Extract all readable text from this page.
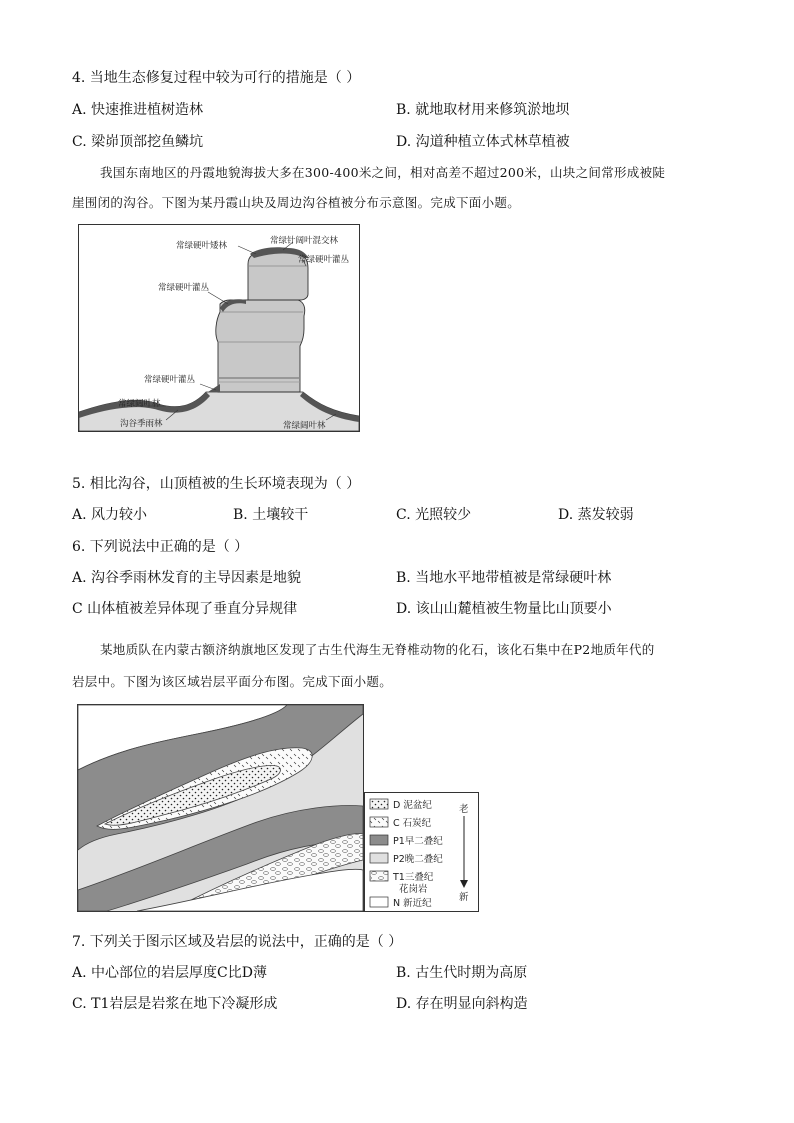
4. 当地生态修复过程中较为可行的措施是（ ）
A. 快速推进植树造林	B. 就地取材用来修筑淤地坝
C. 梁峁顶部挖鱼鳞坑	D. 沟道种植立体式林草植被
我国东南地区的丹霞地貌海拔大多在300-400米之间，相对高差不超过200米，山块之间常形成被陡
崖围闭的沟谷。下图为某丹霞山块及周边沟谷植被分布示意图。完成下面小题。
常绿硬叶矮林	常绿针阔叶混交林
常绿硬叶灌丛
常绿硬叶灌丛
常绿硬叶灌丛
常绿阔叶林
沟谷季雨林	常绿阔叶林
5. 相比沟谷，山顶植被的生长环境表现为（ ）
A. 风力较小	B. 土壤较干	C. 光照较少	D. 蒸发较弱
6. 下列说法中正确的是（ ）
A. 沟谷季雨林发育的主导因素是地貌	B. 当地水平地带植被是常绿硬叶林
C 山体植被差异体现了垂直分异规律	D. 该山山麓植被生物量比山顶要小
某地质队在内蒙古额济纳旗地区发现了古生代海生无脊椎动物的化石，该化石集中在P2地质年代的
岩层中。下图为该区域岩层平面分布图。完成下面小题。
D 泥盆纪
C 石炭纪
P1早二叠纪
P2晚二叠纪
T1三叠纪
花岗岩
N 新近纪
老
新
7. 下列关于图示区域及岩层的说法中，正确的是（ ）
A. 中心部位的岩层厚度C比D薄	B. 古生代时期为高原
C. T1岩层是岩浆在地下冷凝形成	D. 存在明显向斜构造
